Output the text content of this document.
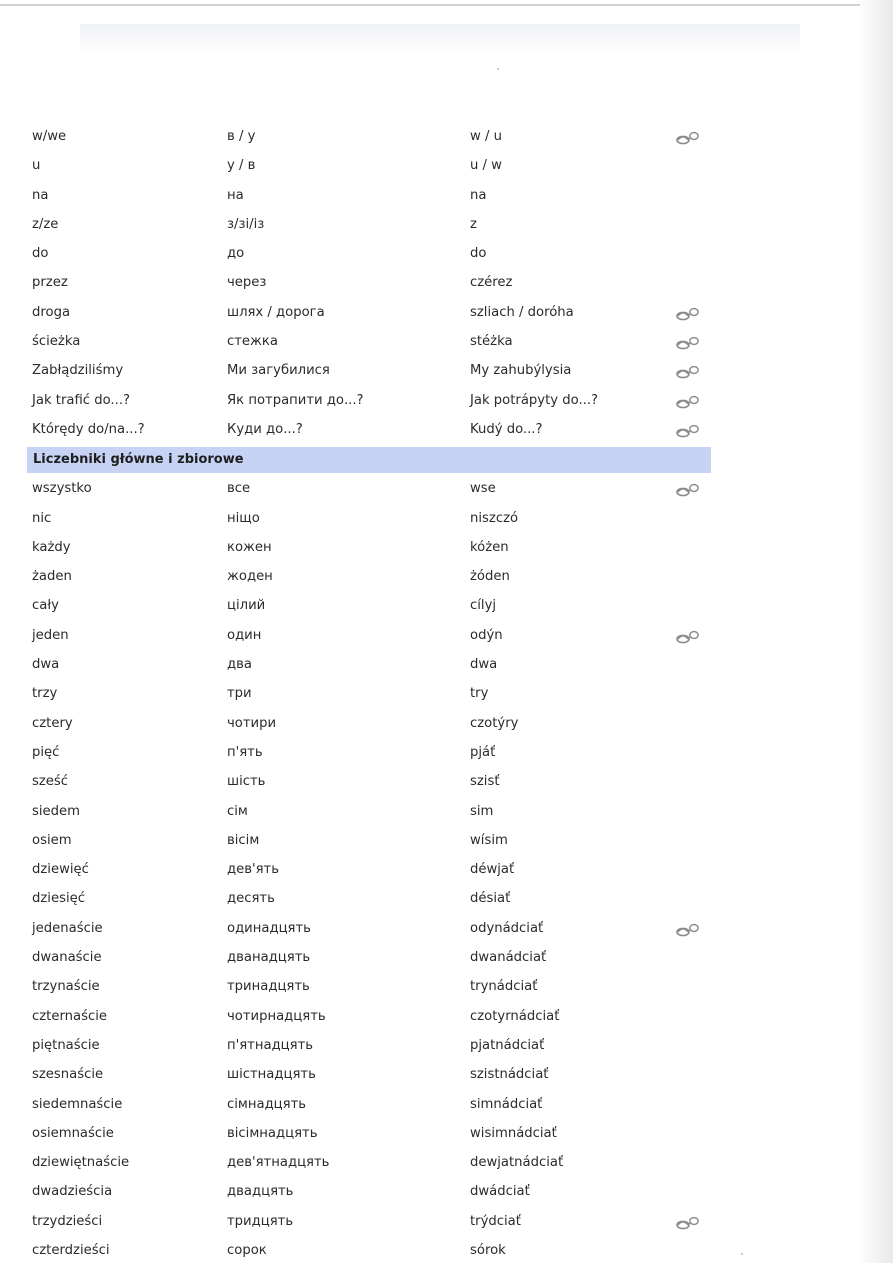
w/we	в / у	w / u
u	у / в	u / w
na	на	na
z/ze	з/зі/із	z
do	до	do
przez	через	czérez
droga	шлях / дорога	szliach / doróha
ścieżka	стежка	stéżka
Zabłądziliśmy	Ми загубилися	My zahubýlysia
Jak trafić do...?	Як потрапити до...?	Jak potrápyty do...?
Którędy do/na...?	Куди до...?	Kudý do...?
Liczebniki główne i zbiorowe
wszystko	все	wse
nic	нiщо	niszczó
każdy	кожен	kóżen
żaden	жоден	żóden
cały	цiлий	cílyj
jeden	один	odýn
dwa	два	dwa
trzy	три	try
cztery	чотири	czotýry
pięć	п'ять	pjáť
sześć	шiсть	szisť
siedem	сiм	sim
osiem	вiсiм	wísim
dziewięć	дев'ять	déwjať
dziesięć	десять	désiať
jedenaście	одинадцять	odynádciať
dwanaście	дванадцять	dwanádciať
trzynaście	тринадцять	trynádciať
czternaście	чотирнадцять	czotyrnádciať
piętnaście	п'ятнадцять	pjatnádciať
szesnaście	шiстнадцять	szistnádciať
siedemnaście	сiмнадцять	simnádciať
osiemnaście	вiсiмнадцять	wisimnádciať
dziewiętnaście	дев'ятнадцять	dewjatnádciať
dwadzieścia	двадцять	dwádciať
trzydzieści	тридцять	trýdciať
czterdzieści	сорок	sórok
